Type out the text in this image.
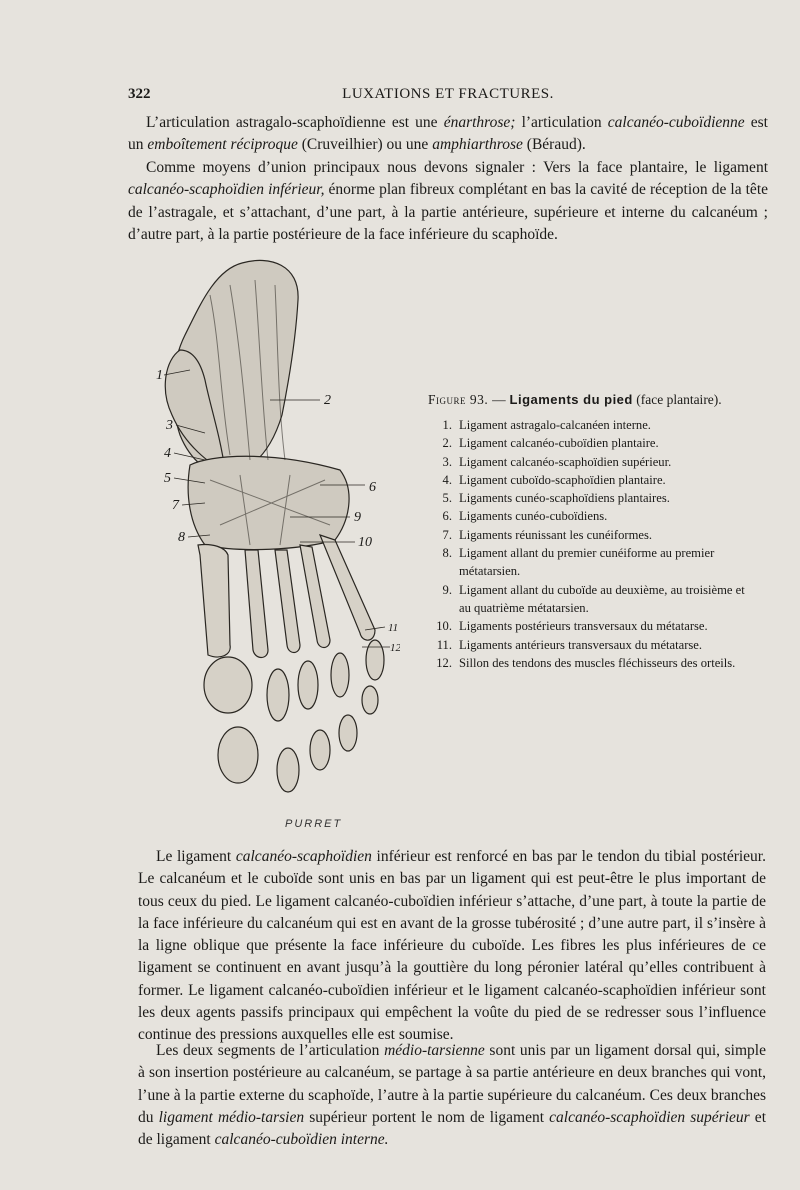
322	LUXATIONS ET FRACTURES.

L’articulation astragalo-scaphoïdienne est une énarthrose; l’articulation calcanéo-cuboïdienne est un emboîtement réciproque (Cruveilhier) ou une amphiarthrose (Béraud).

Comme moyens d’union principaux nous devons signaler : Vers la face plantaire, le ligament calcanéo-scaphoïdien inférieur, énorme plan fibreux complétant en bas la cavité de réception de la tête de l’astragale, et s’attachant, d’une part, à la partie antérieure, supérieure et interne du calcanéum ; d’autre part, à la partie postérieure de la face inférieure du scaphoïde.

1
2
3
4
5
6
7
8
9
10
11
12

Figure 93. — Ligaments du pied (face plantaire).

1. Ligament astragalo-calcanéen interne.
2. Ligament calcanéo-cuboïdien plantaire.
3. Ligament calcanéo-scaphoïdien supérieur.
4. Ligament cuboïdo-scaphoïdien plantaire.
5. Ligaments cunéo-scaphoïdiens plantaires.
6. Ligaments cunéo-cuboïdiens.
7. Ligaments réunissant les cunéiformes.
8. Ligament allant du premier cunéiforme au premier métatarsien.
9. Ligament allant du cuboïde au deuxième, au troisième et au quatrième métatarsien.
10. Ligaments postérieurs transversaux du métatarse.
11. Ligaments antérieurs transversaux du métatarse.
12. Sillon des tendons des muscles fléchisseurs des orteils.
PURRET

Le ligament calcanéo-scaphoïdien inférieur est renforcé en bas par le tendon du tibial postérieur. Le calcanéum et le cuboïde sont unis en bas par un ligament qui est peut-être le plus important de tous ceux du pied. Le ligament calcanéo-cuboïdien inférieur s’attache, d’une part, à toute la partie de la face inférieure du calcanéum qui est en avant de la grosse tubérosité ; d’une autre part, il s’insère à la ligne oblique que présente la face inférieure du cuboïde. Les fibres les plus inférieures de ce ligament se continuent en avant jusqu’à la gouttière du long péronier latéral qu’elles contribuent à former. Le ligament calcanéo-cuboïdien inférieur et le ligament calcanéo-scaphoïdien inférieur sont les deux agents passifs principaux qui empêchent la voûte du pied de se redresser sous l’influence continue des pressions auxquelles elle est soumise.

Les deux segments de l’articulation médio-tarsienne sont unis par un ligament dorsal qui, simple à son insertion postérieure au calcanéum, se partage à sa partie antérieure en deux branches qui vont, l’une à la partie externe du scaphoïde, l’autre à la partie supérieure du calcanéum. Ces deux branches du ligament médio-tarsien supérieur portent le nom de ligament calcanéo-scaphoïdien supérieur et de ligament calcanéo-cuboïdien interne.
